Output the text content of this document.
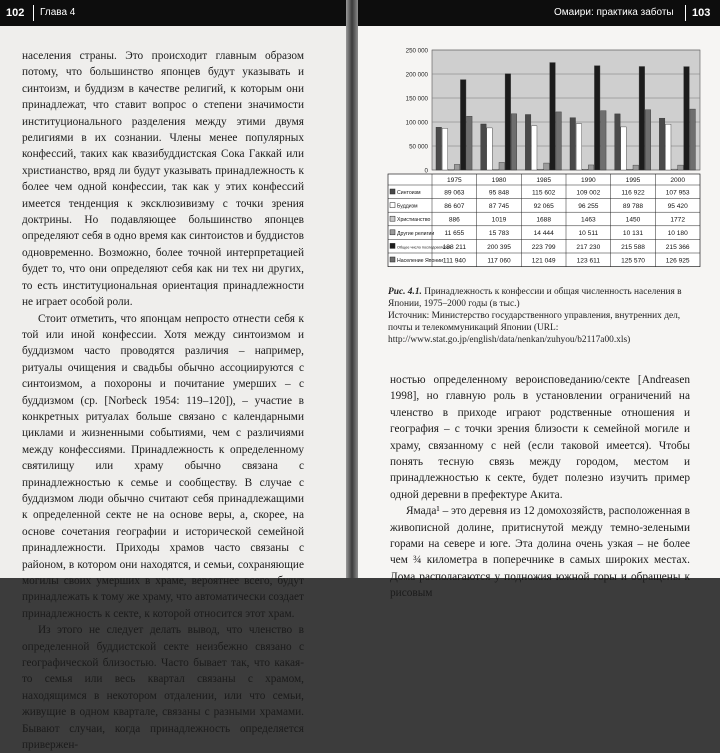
102 Глава 4

населения страны. Это происходит главным образом потому, что большинство японцев будут указывать и синтоизм, и буддизм в качестве религий, к которым они принадлежат, что ставит вопрос о степени значимости институционального разделения между этими двумя религиями в их сознании. Члены менее популярных конфессий, таких как квазибуддистская Сока Гаккай или христианство, вряд ли будут указывать принадлежность к более чем одной конфессии, так как у этих конфессий имеется тенденция к эксклюзивизму с точки зрения доктрины. Но подавляющее большинство японцев определяют себя в одно время как синтоистов и буддистов одновременно. Возможно, более точной интерпретацией будет то, что они определяют себя как ни тех ни других, то есть институциональная ориентация принадлежности не играет особой роли.

Стоит отметить, что японцам непросто отнести себя к той или иной конфессии. Хотя между синтоизмом и буддизмом часто проводятся различия – например, ритуалы очищения и свадьбы обычно ассоциируются с синтоизмом, а похороны и почитание умерших – с буддизмом (ср. [Norbeck 1954: 119–120]), – участие в конкретных ритуалах больше связано с календарными циклами и жизненными событиями, чем с различиями между конфессиями. Принадлежность к определенному святилищу или храму обычно связана с принадлежностью к семье и сообществу. В случае с буддизмом люди обычно считают себя принадлежащими к определенной секте не на основе веры, а, скорее, на основе сочетания географии и исторической семейной принадлежности. Приходы храмов часто связаны с районом, в котором они находятся, и семьи, сохраняющие могилы своих умерших в храме, вероятнее всего, будут принадлежать к тому же храму, что автоматически создает принадлежность к секте, к которой относится этот храм.

Из этого не следует делать вывод, что членство в определенной буддистской секте неизбежно связано с географической близостью. Часто бывает так, что какая-то семья или весь квартал связаны с храмом, находящимся в некотором отдалении, или что семьи, живущие в одном квартале, связаны с разными храмами. Бывают случаи, когда принадлежность определяется привержен-

Омаири: практика заботы 103
0
50 000
100 000
150 000
200 000
250 000
1975	1980	1985	1990	1995	2000
Синтоизм	89 063	95 848	115 602	109 002	116 922	107 953
Буддизм	86 607	87 745	92 065	96 255	89 788	95 420
Христианство	886	1019	1688	1463	1450	1772
Другие религии 11 655	15 783	14 444	10 511	10 131	10 180
Общее число последователей
188 211	200 395	223 799	217 230	215 588	215 366
Население Японии 111 940	117 060	121 049	123 611	125 570	126 925

Рис. 4.1. Принадлежность к конфессии и общая численность населения в Японии, 1975–2000 годы (в тыс.)
Источник: Министерство государственного управления, внутренних дел, почты и телекоммуникаций Японии (URL: http://www.stat.go.jp/english/data/nenkan/zuhyou/b2117a00.xls)

ностью определенному вероисповеданию/секте [Andreasen 1998], но главную роль в установлении ограничений на членство в приходе играют родственные отношения и география – с точки зрения близости к семейной могиле и храму, связанному с ней (если таковой имеется). Чтобы понять тесную связь между городом, местом и принадлежностью к секте, будет полезно изучить пример одной деревни в префектуре Акита.

Ямада¹ – это деревня из 12 домохозяйств, расположенная в живописной долине, притиснутой между темно-зелеными горами на севере и юге. Эта долина очень узкая – не более чем ¾ километра в поперечнике в самых широких местах. Дома располагаются у подножия южной горы и обращены к рисовым
